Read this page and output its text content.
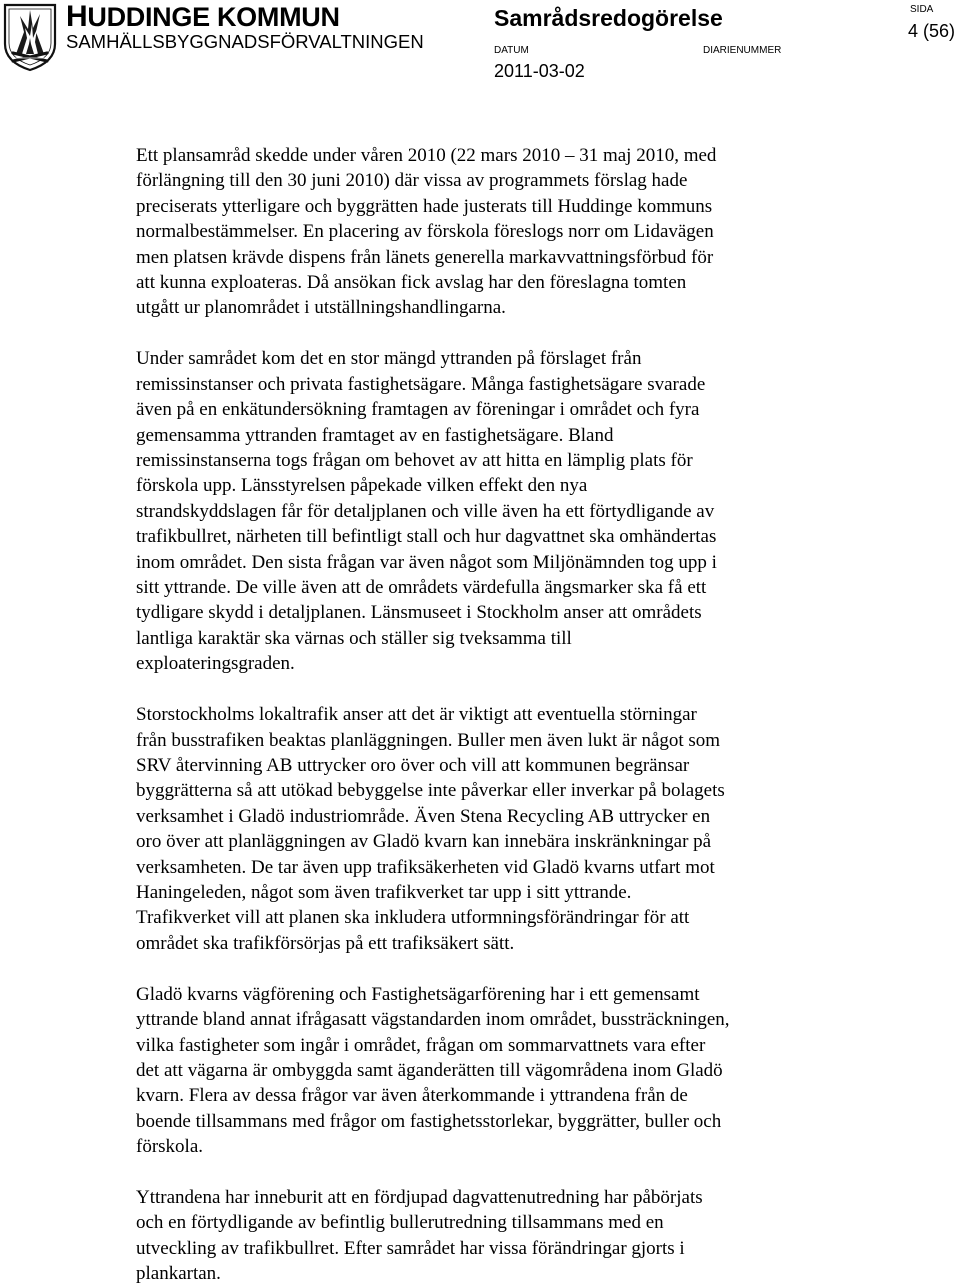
HUDDINGE KOMMUN
SAMHÄLLSBYGGNADSFÖRVALTNINGEN
Samrådsredogörelse
DATUM	DIARIENUMMER
2011-03-02
SIDA
4 (56)

Ett plansamråd skedde under våren 2010 (22 mars 2010 – 31 maj 2010, med
förlängning till den 30 juni 2010) där vissa av programmets förslag hade
preciserats ytterligare och byggrätten hade justerats till Huddinge kommuns
normalbestämmelser. En placering av förskola föreslogs norr om Lidavägen
men platsen krävde dispens från länets generella markavvattningsförbud för
att kunna exploateras. Då ansökan fick avslag har den föreslagna tomten
utgått ur planområdet i utställningshandlingarna.

Under samrådet kom det en stor mängd yttranden på förslaget från
remissinstanser och privata fastighetsägare. Många fastighetsägare svarade
även på en enkätundersökning framtagen av föreningar i området och fyra
gemensamma yttranden framtaget av en fastighetsägare. Bland
remissinstanserna togs frågan om behovet av att hitta en lämplig plats för
förskola upp. Länsstyrelsen påpekade vilken effekt den nya
strandskyddslagen får för detaljplanen och ville även ha ett förtydligande av
trafikbullret, närheten till befintligt stall och hur dagvattnet ska omhändertas
inom området. Den sista frågan var även något som Miljönämnden tog upp i
sitt yttrande. De ville även att de områdets värdefulla ängsmarker ska få ett
tydligare skydd i detaljplanen. Länsmuseet i Stockholm anser att områdets
lantliga karaktär ska värnas och ställer sig tveksamma till
exploateringsgraden.

Storstockholms lokaltrafik anser att det är viktigt att eventuella störningar
från busstrafiken beaktas planläggningen. Buller men även lukt är något som
SRV återvinning AB uttrycker oro över och vill att kommunen begränsar
byggrätterna så att utökad bebyggelse inte påverkar eller inverkar på bolagets
verksamhet i Gladö industriområde. Även Stena Recycling AB uttrycker en
oro över att planläggningen av Gladö kvarn kan innebära inskränkningar på
verksamheten. De tar även upp trafiksäkerheten vid Gladö kvarns utfart mot
Haningeleden, något som även trafikverket tar upp i sitt yttrande.
Trafikverket vill att planen ska inkludera utformningsförändringar för att
området ska trafikförsörjas på ett trafiksäkert sätt.

Gladö kvarns vägförening och Fastighetsägarförening har i ett gemensamt
yttrande bland annat ifrågasatt vägstandarden inom området, bussträckningen,
vilka fastigheter som ingår i området, frågan om sommarvattnets vara efter
det att vägarna är ombyggda samt äganderätten till vägområdena inom Gladö
kvarn. Flera av dessa frågor var även återkommande i yttrandena från de
boende tillsammans med frågor om fastighetsstorlekar, byggrätter, buller och
förskola.

Yttrandena har inneburit att en fördjupad dagvattenutredning har påbörjats
och en förtydligande av befintlig bullerutredning tillsammans med en
utveckling av trafikbullret. Efter samrådet har vissa förändringar gjorts i
plankartan.
